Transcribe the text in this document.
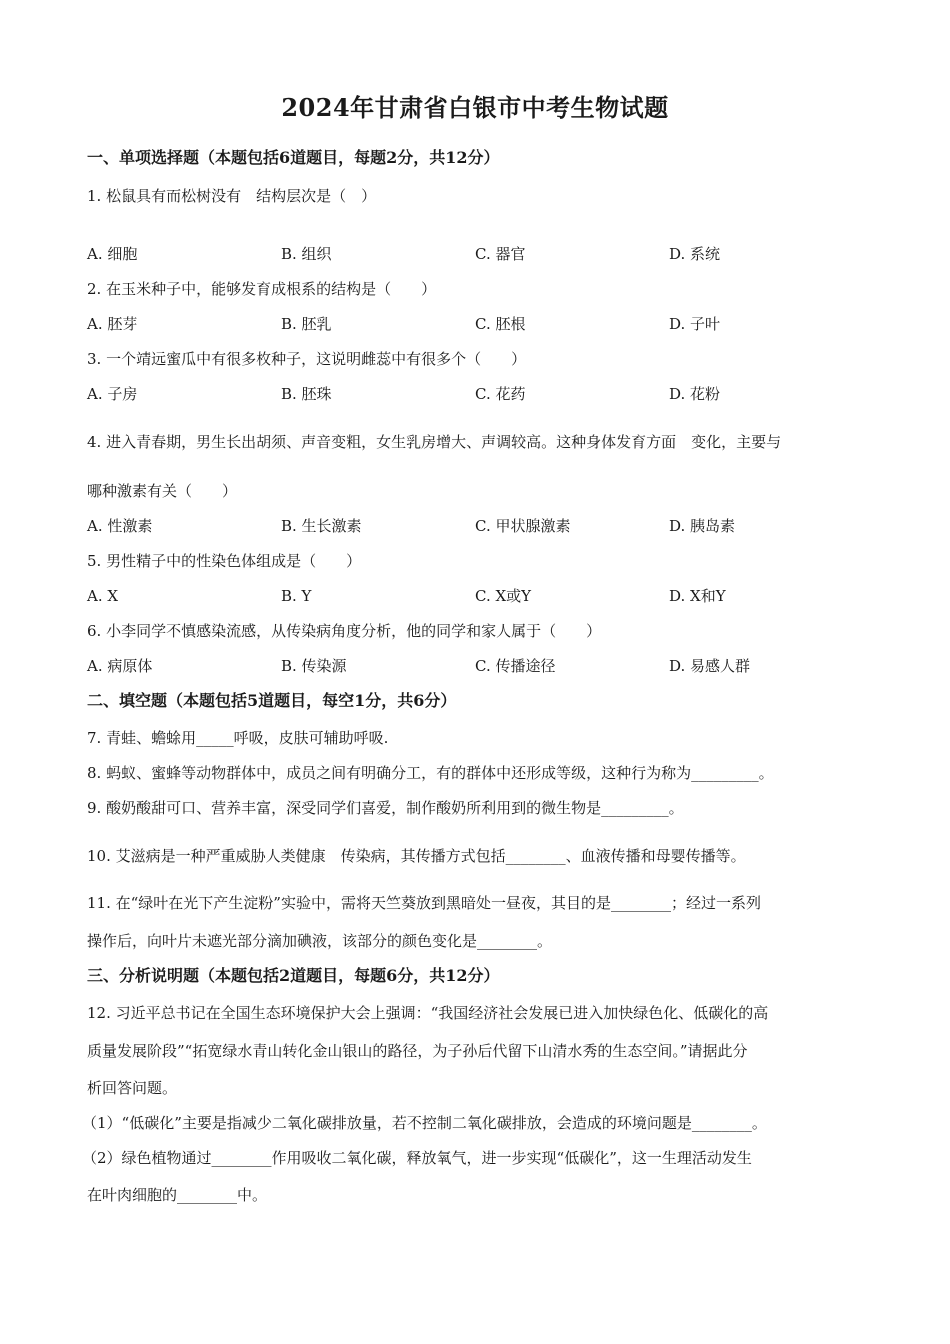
2024年甘肃省白银市中考生物试题
一、单项选择题（本题包括6道题目，每题2分，共12分）
1. 松鼠具有而松树没有　结构层次是（　）
A. 细胞	B. 组织	C. 器官	D. 系统
2. 在玉米种子中，能够发育成根系的结构是（　　）
A. 胚芽	B. 胚乳	C. 胚根	D. 子叶
3. 一个靖远蜜瓜中有很多枚种子，这说明雌蕊中有很多个（　　）
A. 子房	B. 胚珠	C. 花药	D. 花粉
4. 进入青春期，男生长出胡须、声音变粗，女生乳房增大、声调较高。这种身体发育方面　变化，主要与
哪种激素有关（　　）
A. 性激素	B. 生长激素	C. 甲状腺激素	D. 胰岛素
5. 男性精子中的性染色体组成是（　　）
A. X	B. Y	C. X或Y	D. X和Y
6. 小李同学不慎感染流感，从传染病角度分析，他的同学和家人属于（　　）
A. 病原体	B. 传染源	C. 传播途径	D. 易感人群
二、填空题（本题包括5道题目，每空1分，共6分）
7. 青蛙、蟾蜍用_____呼吸，皮肤可辅助呼吸.
8. 蚂蚁、蜜蜂等动物群体中，成员之间有明确分工，有的群体中还形成等级，这种行为称为_________。
9. 酸奶酸甜可口、营养丰富，深受同学们喜爱，制作酸奶所利用到的微生物是_________。
10. 艾滋病是一种严重威胁人类健康　传染病，其传播方式包括________、血液传播和母婴传播等。
11. 在“绿叶在光下产生淀粉”实验中，需将天竺葵放到黑暗处一昼夜，其目的是________；经过一系列
操作后，向叶片未遮光部分滴加碘液，该部分的颜色变化是________。
三、分析说明题（本题包括2道题目，每题6分，共12分）
12. 习近平总书记在全国生态环境保护大会上强调：“我国经济社会发展已进入加快绿色化、低碳化的高
质量发展阶段”“拓宽绿水青山转化金山银山的路径，为子孙后代留下山清水秀的生态空间。”请据此分
析回答问题。
（1）“低碳化”主要是指减少二氧化碳排放量，若不控制二氧化碳排放，会造成的环境问题是________。
（2）绿色植物通过________作用吸收二氧化碳，释放氧气，进一步实现“低碳化”，这一生理活动发生
在叶肉细胞的________中。
